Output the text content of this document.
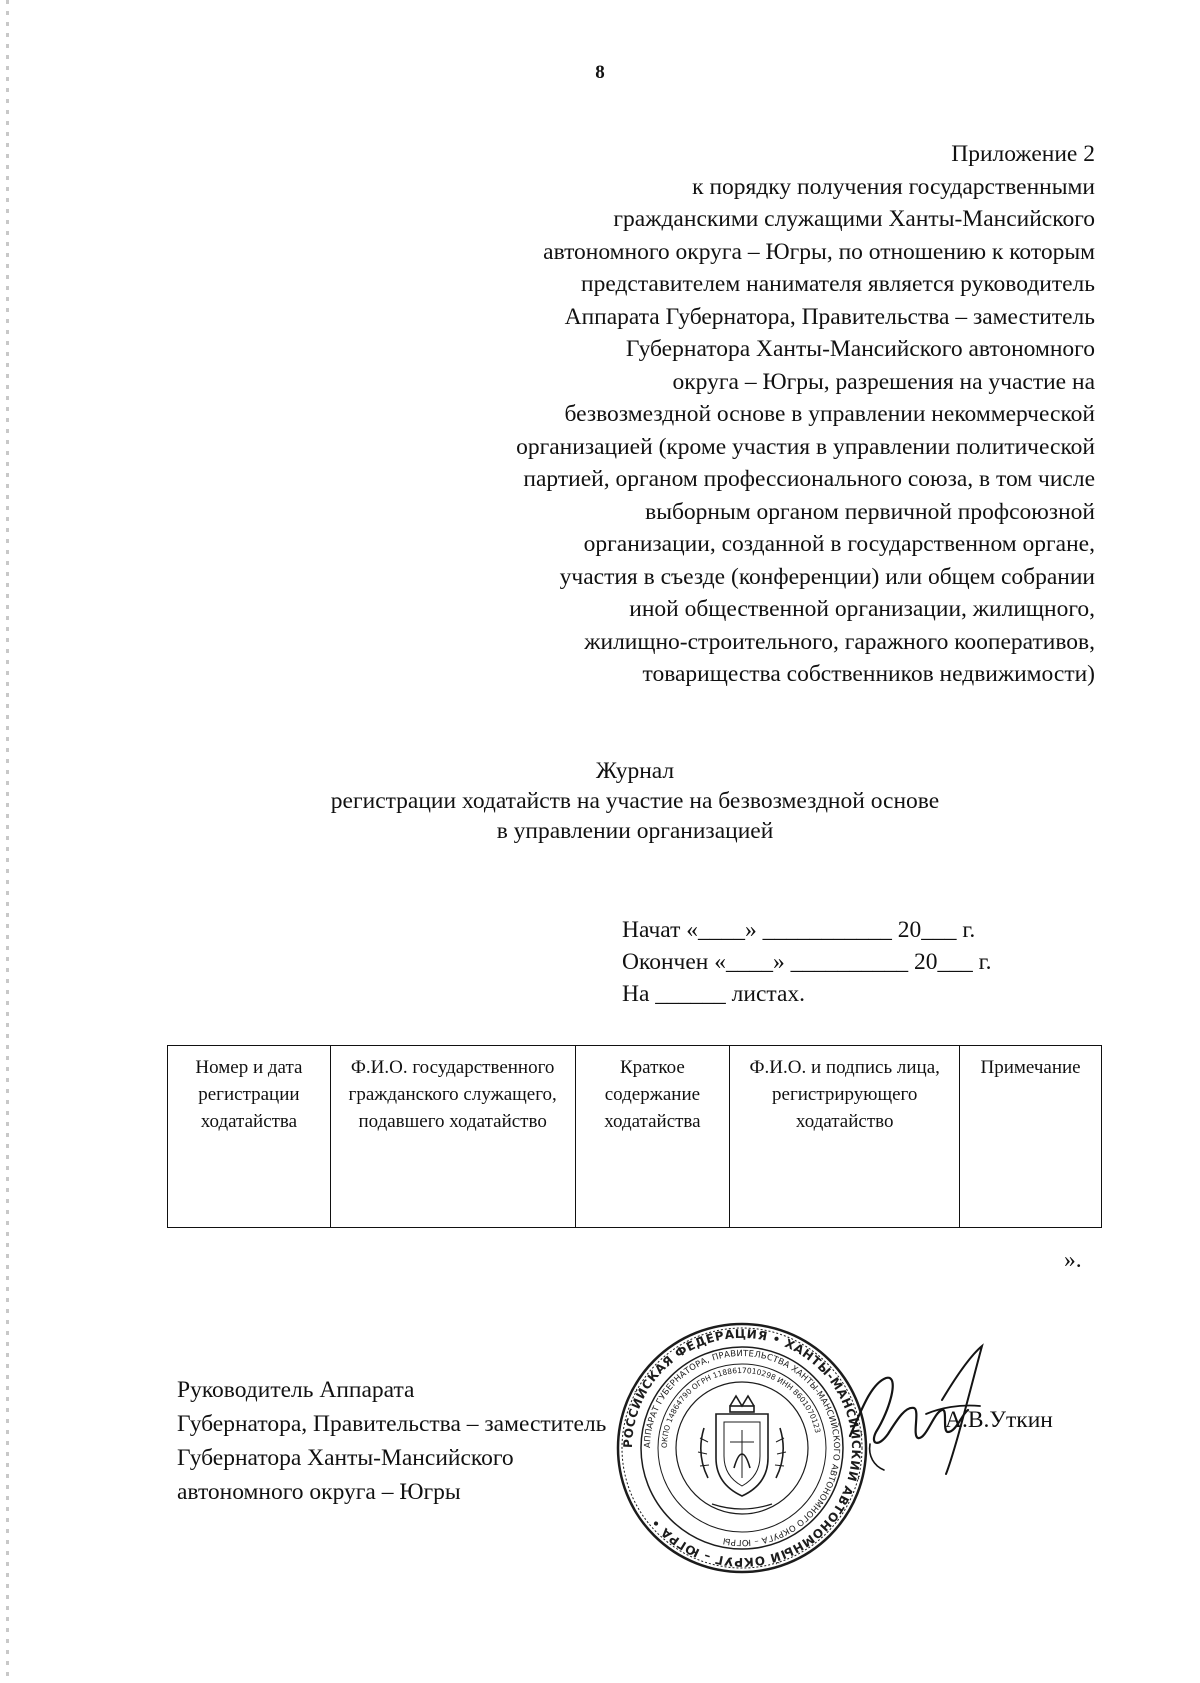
8
Приложение 2
к порядку получения государственными
гражданскими служащими Ханты-Мансийского
автономного округа – Югры, по отношению к которым
представителем нанимателя является руководитель
Аппарата Губернатора, Правительства – заместитель
Губернатора Ханты-Мансийского автономного
округа – Югры, разрешения на участие на
безвозмездной основе в управлении некоммерческой
организацией (кроме участия в управлении политической
партией, органом профессионального союза, в том числе
выборным органом первичной профсоюзной
организации, созданной в государственном органе,
участия в съезде (конференции) или общем собрании
иной общественной организации, жилищного,
жилищно-строительного, гаражного кооперативов,
товарищества собственников недвижимости)
Журнал
регистрации ходатайств на участие на безвозмездной основе
в управлении организацией
Начат «____» ___________ 20___ г.
Окончен «____» __________ 20___ г.
На ______ листах.
Номер и дата регистрации ходатайства	Ф.И.О. государственного гражданского служащего, подавшего ходатайство	Краткое содержание ходатайства	Ф.И.О. и подпись лица, регистрирующего ходатайство	Примечание
».
Руководитель Аппарата
Губернатора, Правительства – заместитель
Губернатора Ханты-Мансийского
автономного округа – Югры
А.В.Уткин
РОССИЙСКАЯ ФЕДЕРАЦИЯ • ХАНТЫ-МАНСИЙСКИЙ АВТОНОМНЫЙ ОКРУГ – ЮГРА •
АППАРАТ ГУБЕРНАТОРА, ПРАВИТЕЛЬСТВА ХАНТЫ-МАНСИЙСКОГО АВТОНОМНОГО ОКРУГА – ЮГРЫ
ОКПО 14864790 ОГРН 1188617010298 ИНН 8601070123
